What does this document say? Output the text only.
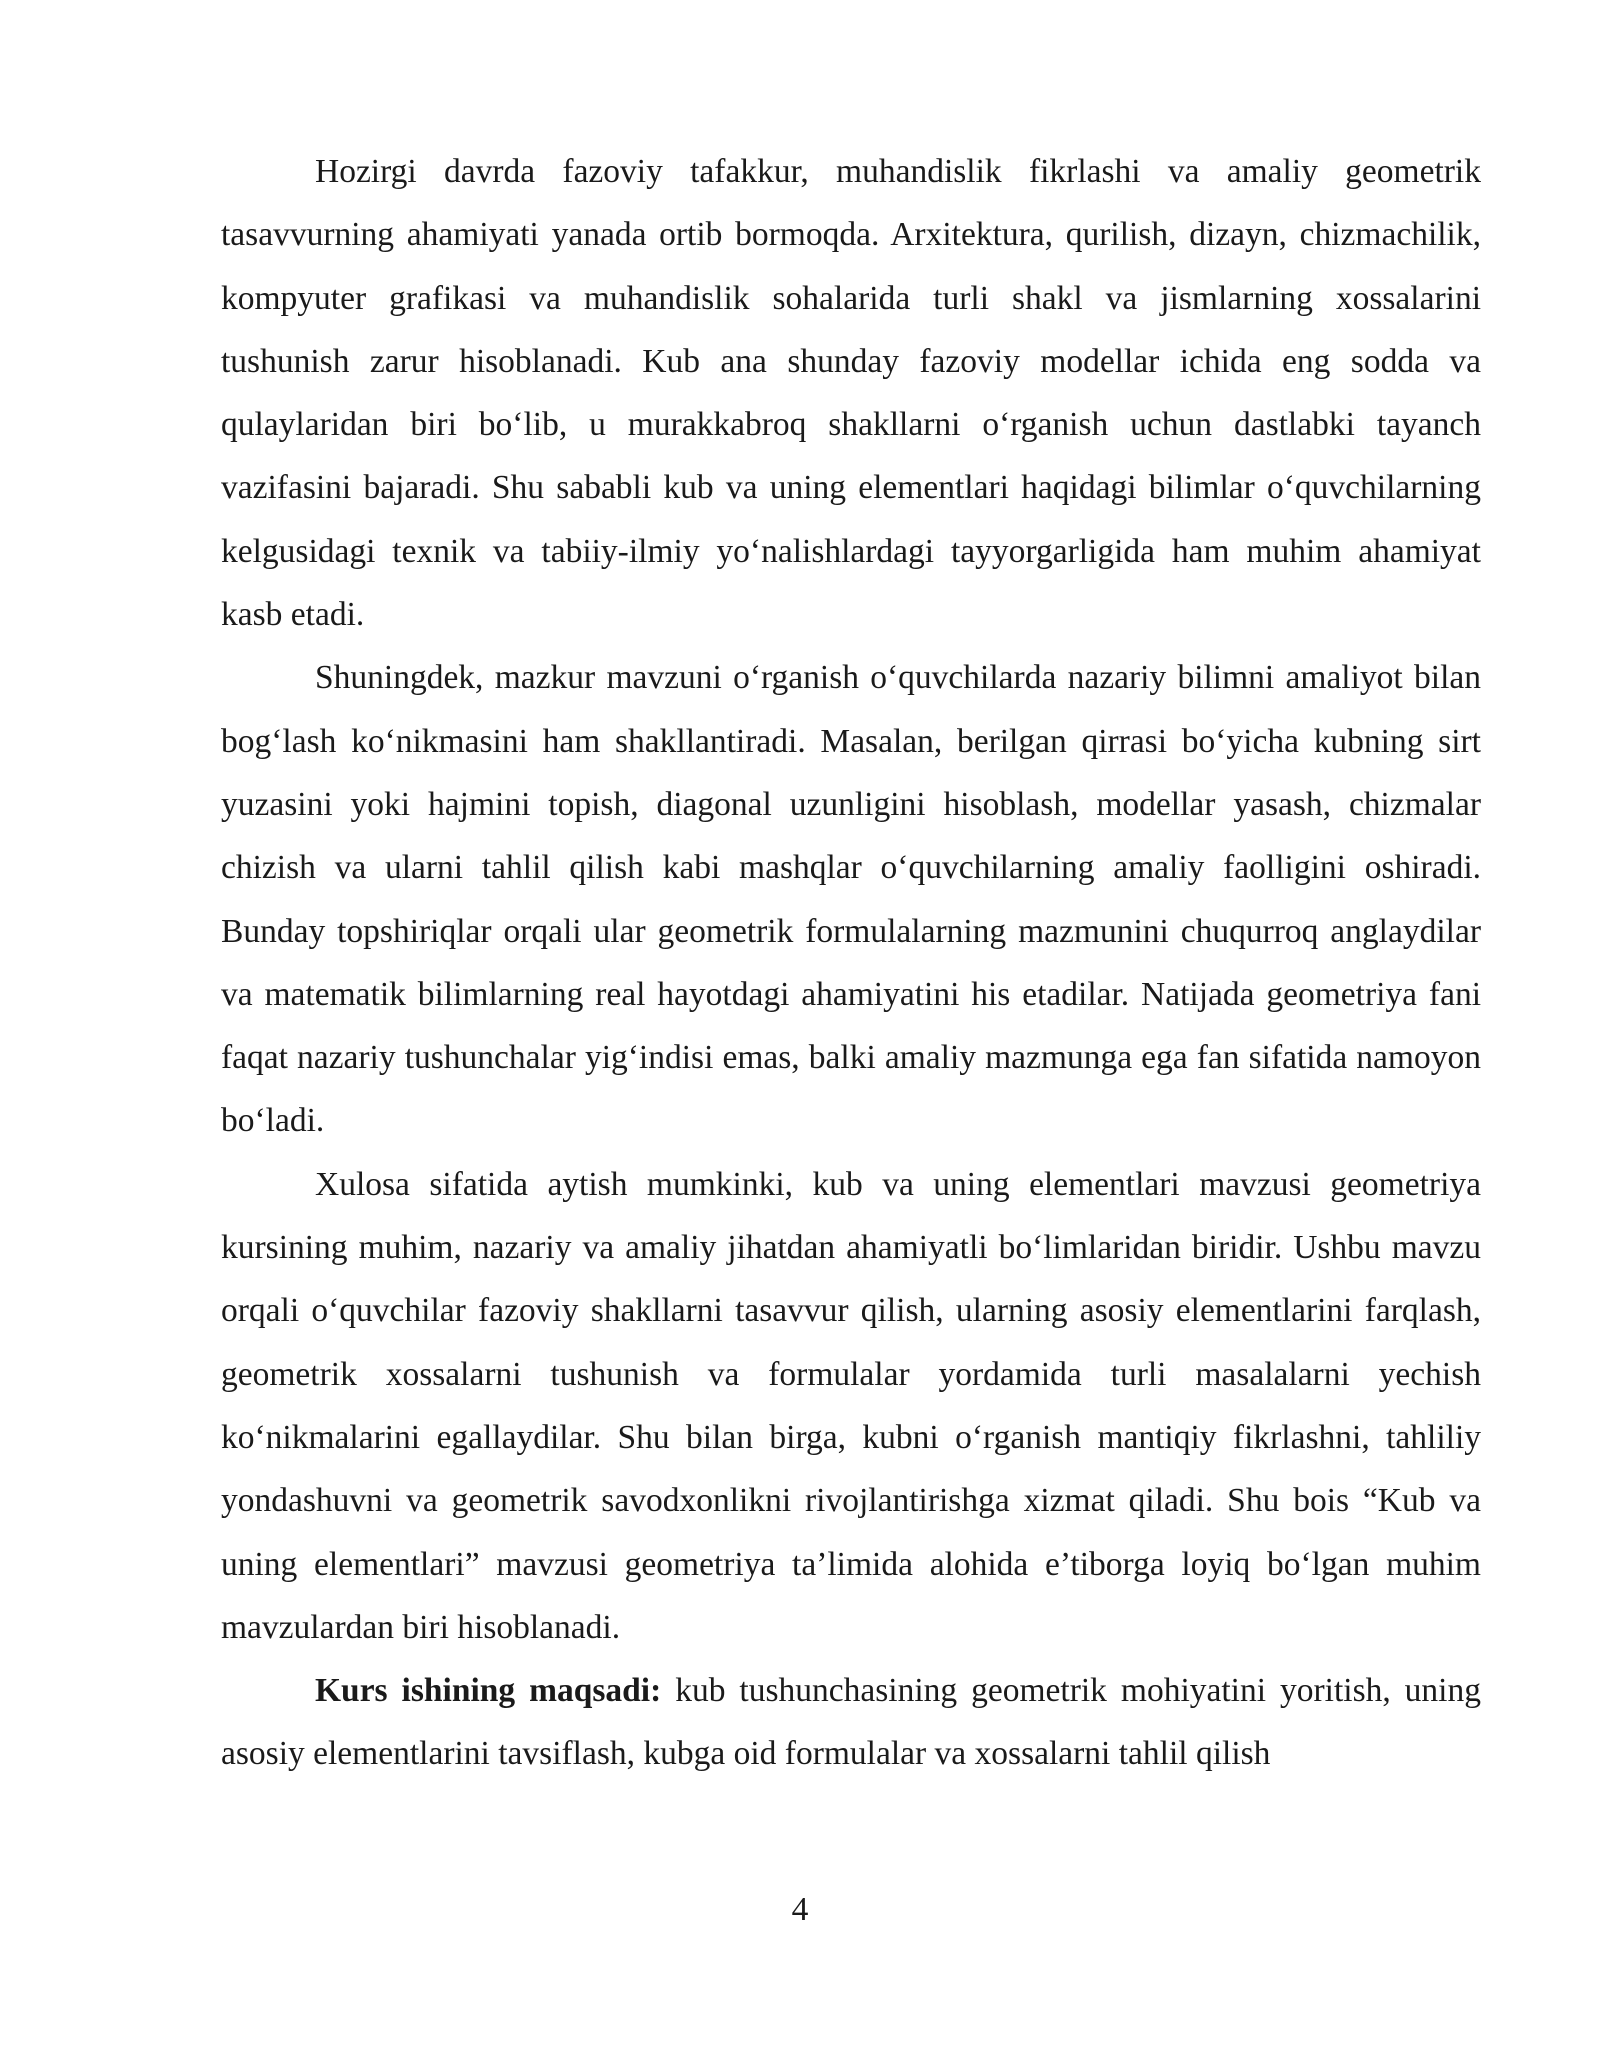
Hozirgi davrda fazoviy tafakkur, muhandislik fikrlashi va amaliy geometrik tasavvurning ahamiyati yanada ortib bormoqda. Arxitektura, qurilish, dizayn, chizmachilik, kompyuter grafikasi va muhandislik sohalarida turli shakl va jismlarning xossalarini tushunish zarur hisoblanadi. Kub ana shunday fazoviy modellar ichida eng sodda va qulaylaridan biri bo‘lib, u murakkabroq shakllarni o‘rganish uchun dastlabki tayanch vazifasini bajaradi. Shu sababli kub va uning elementlari haqidagi bilimlar o‘quvchilarning kelgusidagi texnik va tabiiy-ilmiy yo‘nalishlardagi tayyorgarligida ham muhim ahamiyat kasb etadi.

Shuningdek, mazkur mavzuni o‘rganish o‘quvchilarda nazariy bilimni amaliyot bilan bog‘lash ko‘nikmasini ham shakllantiradi. Masalan, berilgan qirrasi bo‘yicha kubning sirt yuzasini yoki hajmini topish, diagonal uzunligini hisoblash, modellar yasash, chizmalar chizish va ularni tahlil qilish kabi mashqlar o‘quvchilarning amaliy faolligini oshiradi. Bunday topshiriqlar orqali ular geometrik formulalarning mazmunini chuqurroq anglaydilar va matematik bilimlarning real hayotdagi ahamiyatini his etadilar. Natijada geometriya fani faqat nazariy tushunchalar yig‘indisi emas, balki amaliy mazmunga ega fan sifatida namoyon bo‘ladi.

Xulosa sifatida aytish mumkinki, kub va uning elementlari mavzusi geometriya kursining muhim, nazariy va amaliy jihatdan ahamiyatli bo‘limlaridan biridir. Ushbu mavzu orqali o‘quvchilar fazoviy shakllarni tasavvur qilish, ularning asosiy elementlarini farqlash, geometrik xossalarni tushunish va formulalar yordamida turli masalalarni yechish ko‘nikmalarini egallaydilar. Shu bilan birga, kubni o‘rganish mantiqiy fikrlashni, tahliliy yondashuvni va geometrik savodxonlikni rivojlantirishga xizmat qiladi. Shu bois “Kub va uning elementlari” mavzusi geometriya ta’limida alohida e’tiborga loyiq bo‘lgan muhim mavzulardan biri hisoblanadi.

Kurs ishining maqsadi: kub tushunchasining geometrik mohiyatini yoritish, uning asosiy elementlarini tavsiflash, kubga oid formulalar va xossalarni tahlil qilish

4
